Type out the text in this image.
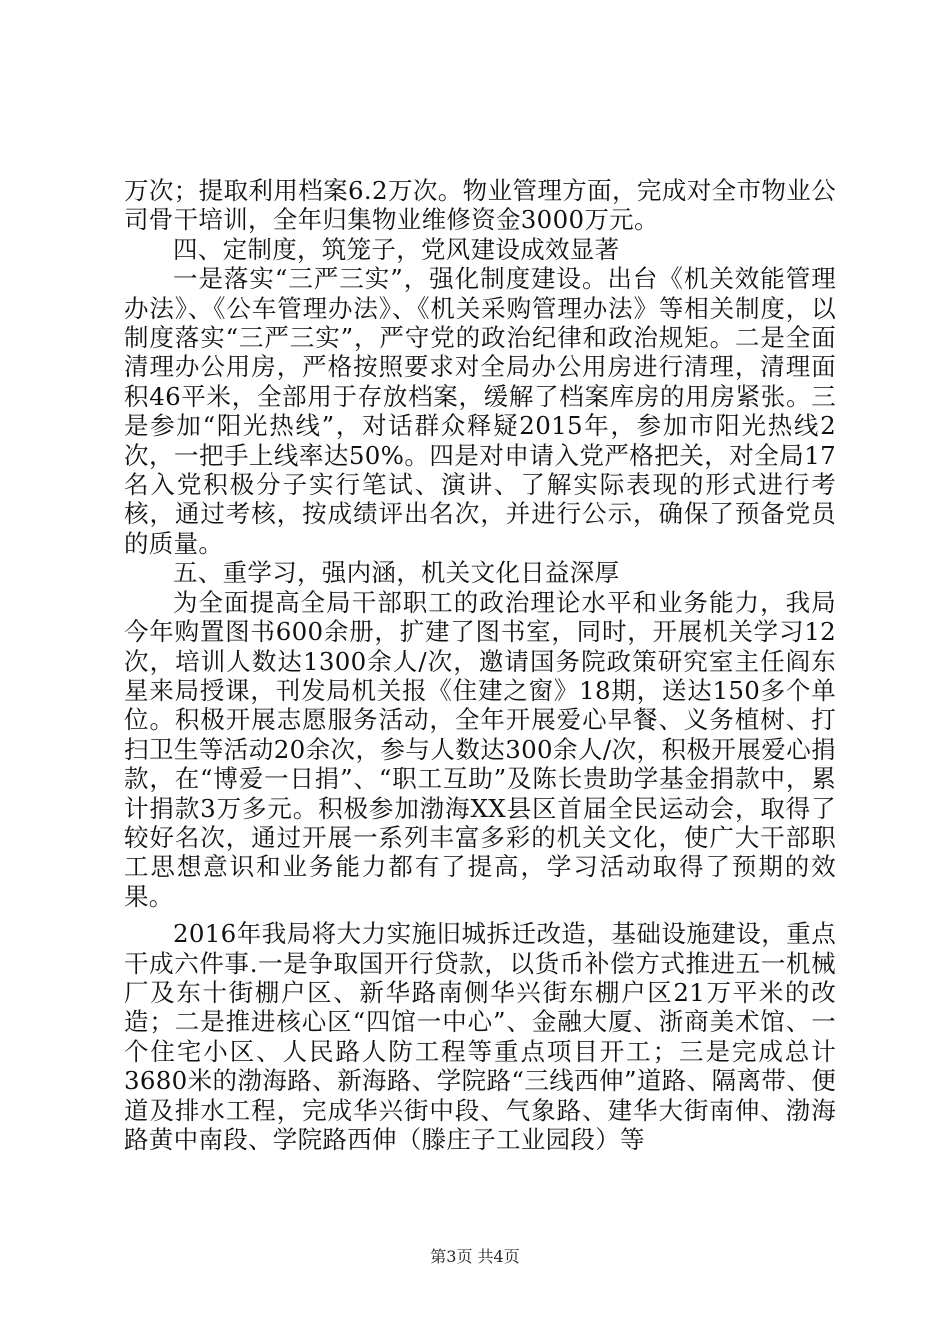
万次；提取利用档案6.2万次。物业管理方面，完成对全市物业公司骨干培训，全年归集物业维修资金3000万元。

四、定制度，筑笼子，党风建设成效显著

一是落实“三严三实”，强化制度建设。出台《机关效能管理办法》、《公车管理办法》、《机关采购管理办法》等相关制度，以制度落实“三严三实”，严守党的政治纪律和政治规矩。二是全面清理办公用房，严格按照要求对全局办公用房进行清理，清理面积46平米，全部用于存放档案，缓解了档案库房的用房紧张。三是参加“阳光热线”，对话群众释疑2015年，参加市阳光热线2次，一把手上线率达50%。四是对申请入党严格把关，对全局17名入党积极分子实行笔试、演讲、了解实际表现的形式进行考核，通过考核，按成绩评出名次，并进行公示，确保了预备党员的质量。

五、重学习，强内涵，机关文化日益深厚

为全面提高全局干部职工的政治理论水平和业务能力，我局今年购置图书600余册，扩建了图书室，同时，开展机关学习12次，培训人数达1300余人/次，邀请国务院政策研究室主任阎东星来局授课，刊发局机关报《住建之窗》18期，送达150多个单位。积极开展志愿服务活动，全年开展爱心早餐、义务植树、打扫卫生等活动20余次，参与人数达300余人/次，积极开展爱心捐款，在“博爱一日捐”、“职工互助”及陈长贵助学基金捐款中，累计捐款3万多元。积极参加渤海XX县区首届全民运动会，取得了较好名次，通过开展一系列丰富多彩的机关文化，使广大干部职工思想意识和业务能力都有了提高，学习活动取得了预期的效果。

2016年我局将大力实施旧城拆迁改造，基础设施建设，重点干成六件事.一是争取国开行贷款，以货币补偿方式推进五一机械厂及东十街棚户区、新华路南侧华兴街东棚户区21万平米的改造；二是推进核心区“四馆一中心”、金融大厦、浙商美术馆、一个住宅小区、人民路人防工程等重点项目开工；三是完成总计3680米的渤海路、新海路、学院路“三线西伸”道路、隔离带、便道及排水工程，完成华兴街中段、气象路、建华大街南伸、渤海路黄中南段、学院路西伸（滕庄子工业园段）等

第3页 共4页
